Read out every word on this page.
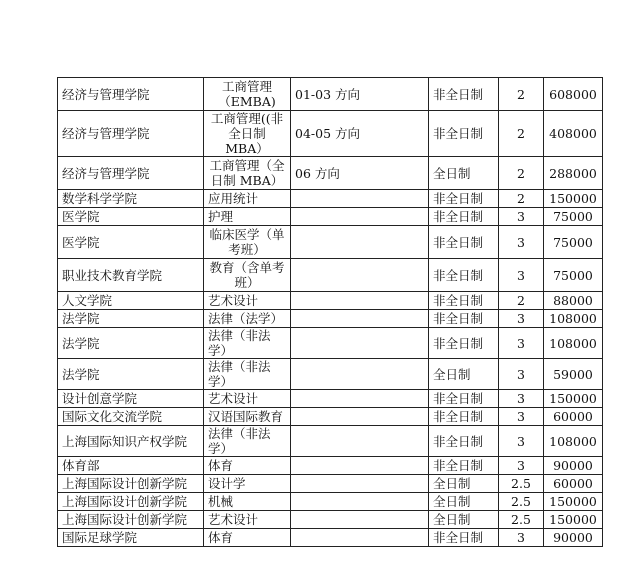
经济与管理学院	工商管理（EMBA)	01-03 方向	非全日制	2	608000
经济与管理学院	工商管理((非全日制 MBA）	04-05 方向	非全日制	2	408000
经济与管理学院	工商管理（全日制 MBA）	06 方向	全日制	2	288000
数学科学学院	应用统计		非全日制	2	150000
医学院	护理		非全日制	3	75000
医学院	临床医学（单考班）		非全日制	3	75000
职业技术教育学院	教育（含单考班）		非全日制	3	75000
人文学院	艺术设计		非全日制	2	88000
法学院	法律（法学）		非全日制	3	108000
法学院	法律（非法学）		非全日制	3	108000
法学院	法律（非法学）		全日制	3	59000
设计创意学院	艺术设计		非全日制	3	150000
国际文化交流学院	汉语国际教育		非全日制	3	60000
上海国际知识产权学院	法律（非法学）		非全日制	3	108000
体育部	体育		非全日制	3	90000
上海国际设计创新学院	设计学		全日制	2.5	60000
上海国际设计创新学院	机械		全日制	2.5	150000
上海国际设计创新学院	艺术设计		全日制	2.5	150000
国际足球学院	体育		非全日制	3	90000
